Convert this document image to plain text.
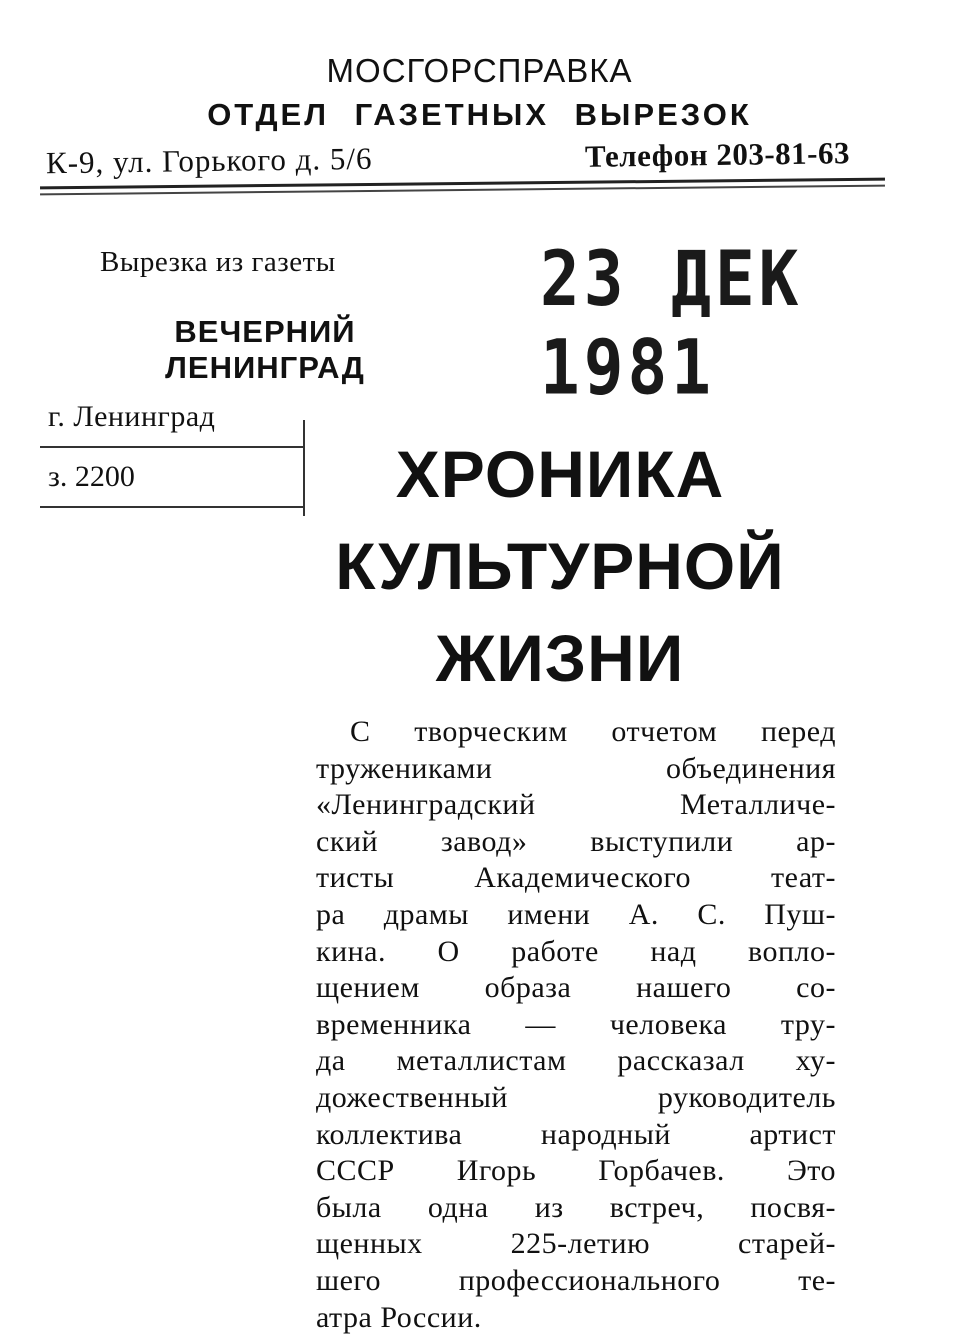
МОСГОРСПРАВКА
ОТДЕЛ ГАЗЕТНЫХ ВЫРЕЗОК
К-9, ул. Горького д. 5/6	Телефон 203-81-63
Вырезка из газеты	23 ДЕК 1981
ВЕЧЕРНИЙ
ЛЕНИНГРАД
г. Ленинград
з. 2200	ХРОНИКА
КУЛЬТУРНОЙ
ЖИЗНИ
С творческим отчетом перед
тружениками объединения
«Ленинградский Металличе-
ский завод» выступили ар-
тисты Академического теат-
ра драмы имени А. С. Пуш-
кина. О работе над вопло-
щением образа нашего со-
временника — человека тру-
да металлистам рассказал ху-
дожественный руководитель
коллектива народный артист
СССР Игорь Горбачев. Это
была одна из встреч, посвя-
щенных 225-летию старей-
шего профессионального те-
атра России.
